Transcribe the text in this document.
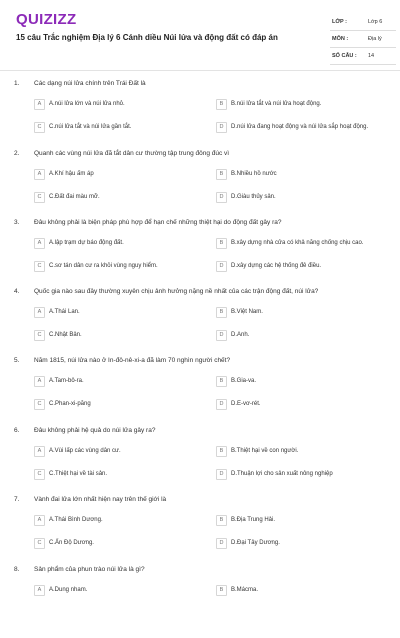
QUIZIZZ
15 câu Trắc nghiệm Địa lý 6 Cánh diều Núi lửa và động đất có đáp án
LỚP :	Lớp 6
MÔN :	Địa lý
SỐ CÂU : 14
1. Các dạng núi lửa chính trên Trái Đất là
A	A.núi lửa lớn và núi lửa nhỏ.	B	B.núi lửa tắt và núi lửa hoạt động.
C	C.núi lửa tắt và núi lửa gần tắt.	D	D.núi lửa đang hoạt động và núi lửa sắp hoạt động.
2. Quanh các vùng núi lửa đã tắt dân cư thường tập trung đông đúc vì
A	A.Khí hậu ấm áp	B	B.Nhiều hồ nước
C	C.Đất đai màu mỡ.	D	D.Giàu thủy sản.
3. Đâu không phải là biện pháp phù hợp để hạn chế những thiệt hại do động đất gây ra?
A	A.lập trạm dự báo động đất.	B	B.xây dựng nhà cửa có khả năng chống chịu cao.
C	C.sơ tán dân cư ra khỏi vùng nguy hiểm.	D	D.xây dựng các hệ thống đê điều.
4. Quốc gia nào sau đây thường xuyên chịu ảnh hưởng nặng nề nhất của các trận động đất, núi lửa?
A	A.Thái Lan.	B	B.Việt Nam.
C	C.Nhật Bản.	D	D.Anh.
5. Năm 1815, núi lửa nào ở In-đô-nê-xi-a đã làm 70 nghìn người chết?
A	A.Tam-bô-ra.	B	B.Gia-va.
C	C.Phan-xi-păng	D	D.E-vơ-rét.
6. Đâu không phải hệ quả do núi lửa gây ra?
A	A.Vùi lấp các vùng dân cư.	B	B.Thiệt hại về con người.
C	C.Thiệt hại về tài sản.	D	D.Thuận lợi cho sản xuất nông nghiệp
7. Vành đai lửa lớn nhất hiện nay trên thế giới là
A	A.Thái Bình Dương.	B	B.Địa Trung Hải.
C	C.Ấn Độ Dương.	D	D.Đại Tây Dương.
8. Sản phẩm của phun trào núi lửa là gì?
A	A.Dung nham.	B	B.Mácma.
